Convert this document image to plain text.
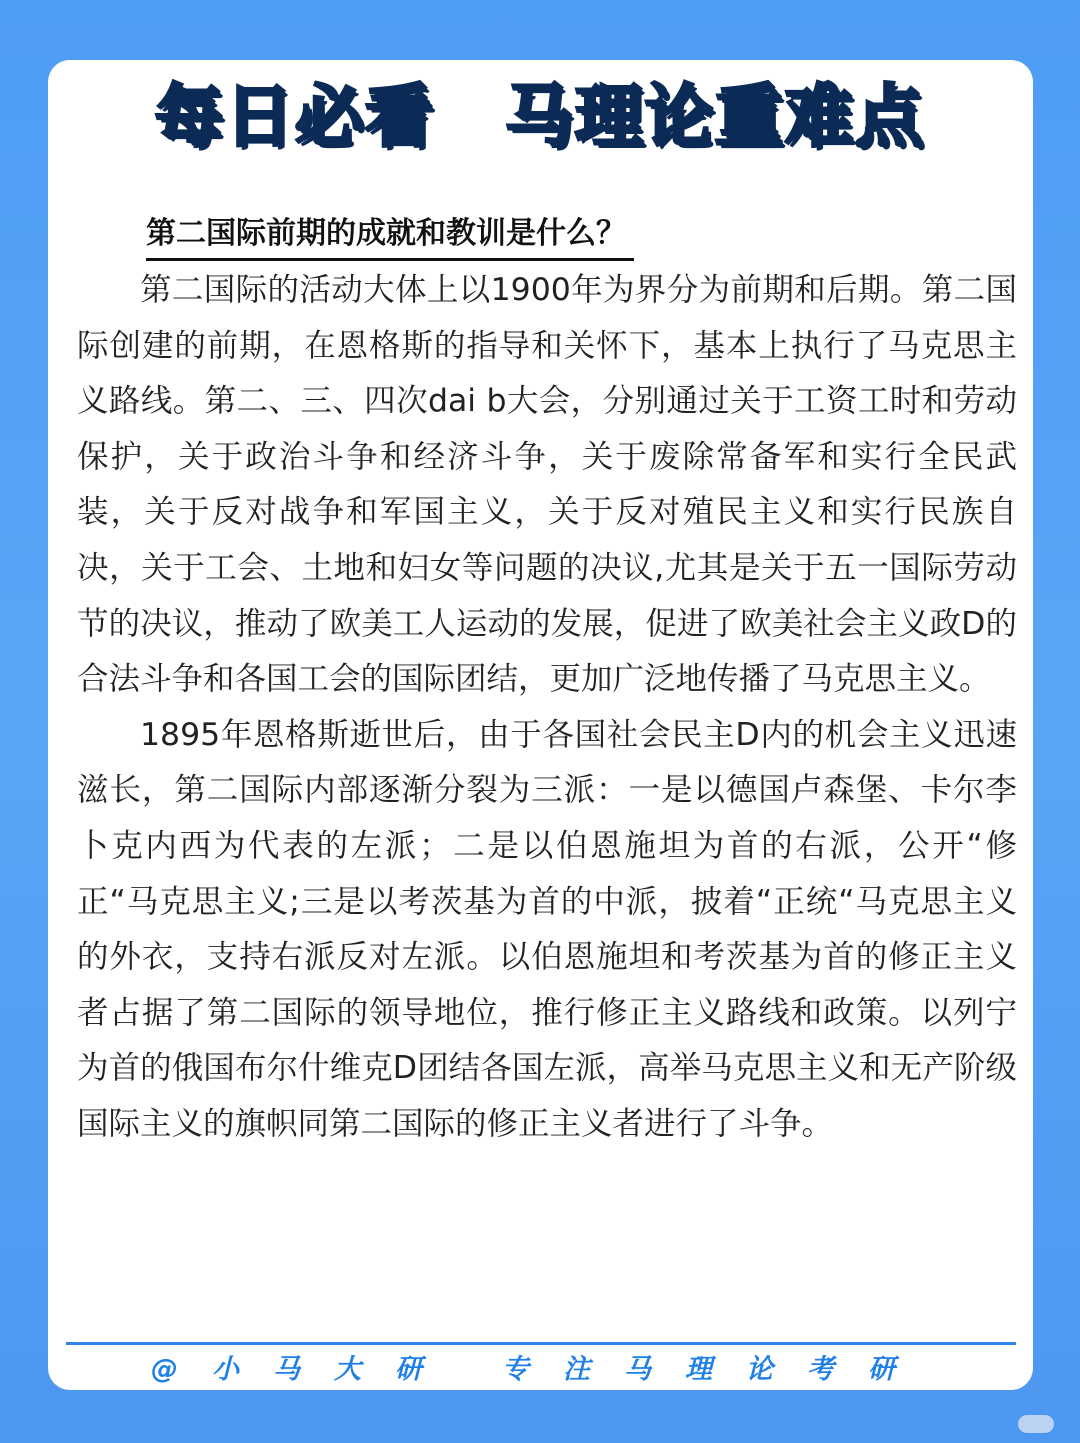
每日必看 马理论重难点
第二国际前期的成就和教训是什么？

第二国际的活动大体上以1900年为界分为前期和后期。第二国际创建的前期，在恩格斯的指导和关怀下，基本上执行了马克思主义路线。第二、三、四次dai b大会，分别通过关于工资工时和劳动保护，关于政治斗争和经济斗争，关于废除常备军和实行全民武装，关于反对战争和军国主义，关于反对殖民主义和实行民族自决，关于工会、土地和妇女等问题的决议,尤其是关于五一国际劳动节的决议，推动了欧美工人运动的发展，促进了欧美社会主义政D的合法斗争和各国工会的国际团结，更加广泛地传播了马克思主义。

1895年恩格斯逝世后，由于各国社会民主D内的机会主义迅速滋长，第二国际内部逐渐分裂为三派：一是以德国卢森堡、卡尔李卜克内西为代表的左派；二是以伯恩施坦为首的右派，公开“修正“马克思主义;三是以考茨基为首的中派，披着“正统“马克思主义的外衣，支持右派反对左派。以伯恩施坦和考茨基为首的修正主义者占据了第二国际的领导地位，推行修正主义路线和政策。以列宁为首的俄国布尔什维克D团结各国左派，高举马克思主义和无产阶级国际主义的旗帜同第二国际的修正主义者进行了斗争。

@小马大研 专注马理论考研
